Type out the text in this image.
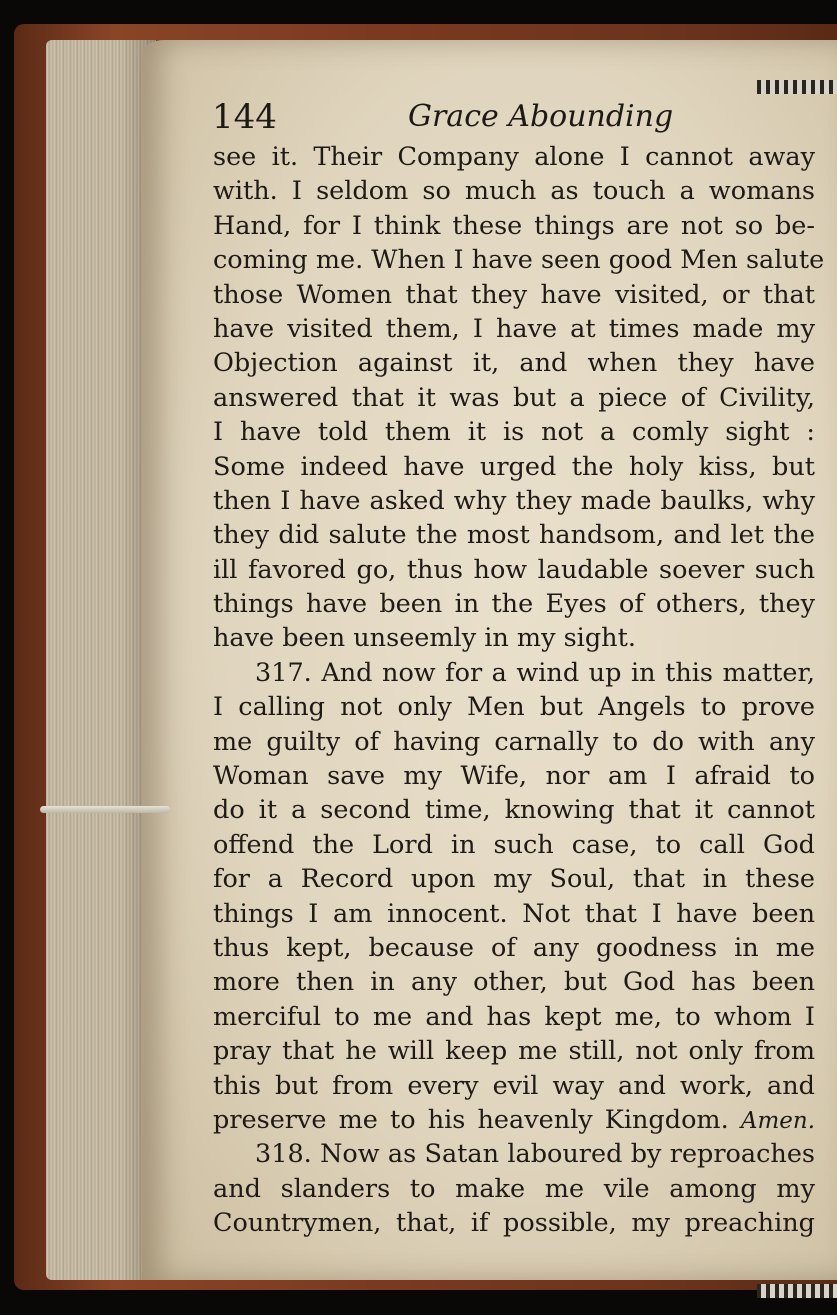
144	Grace Abounding
see it. Their Company alone I cannot away
with. I seldom so much as touch a womans
Hand, for I think these things are not so be-
coming me. When I have seen good Men salute
those Women that they have visited, or that
have visited them, I have at times made my
Objection against it, and when they have
answered that it was but a piece of Civility,
I have told them it is not a comly sight :
Some indeed have urged the holy kiss, but
then I have asked why they made baulks, why
they did salute the most handsom, and let the
ill favored go, thus how laudable soever such
things have been in the Eyes of others, they
have been unseemly in my sight.
317. And now for a wind up in this matter,
I calling not only Men but Angels to prove
me guilty of having carnally to do with any
Woman save my Wife, nor am I afraid to
do it a second time, knowing that it cannot
offend the Lord in such case, to call God
for a Record upon my Soul, that in these
things I am innocent. Not that I have been
thus kept, because of any goodness in me
more then in any other, but God has been
merciful to me and has kept me, to whom I
pray that he will keep me still, not only from
this but from every evil way and work, and
preserve me to his heavenly Kingdom. Amen.
318. Now as Satan laboured by reproaches
and slanders to make me vile among my
Countrymen, that, if possible, my preaching
